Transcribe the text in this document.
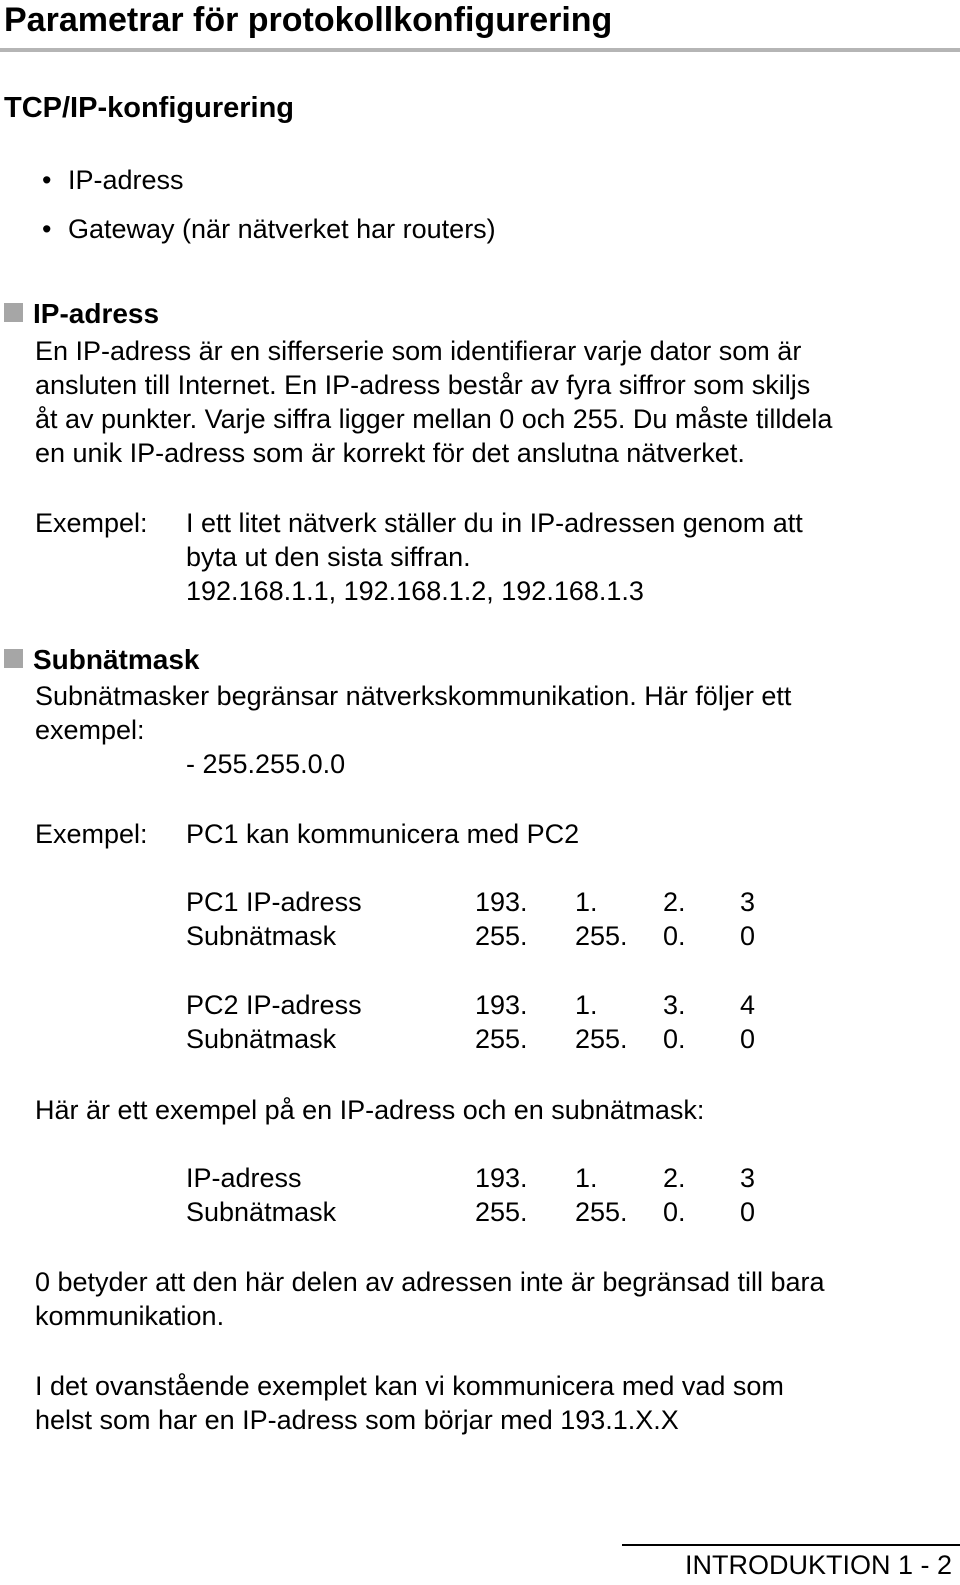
Parametrar för protokollkonfigurering
TCP/IP-konfigurering
• IP-adress
• Gateway (när nätverket har routers)
IP-adress
En IP-adress är en sifferserie som identifierar varje dator som är
ansluten till Internet. En IP-adress består av fyra siffror som skiljs
åt av punkter. Varje siffra ligger mellan 0 och 255. Du måste tilldela
en unik IP-adress som är korrekt för det anslutna nätverket.
Exempel: I ett litet nätverk ställer du in IP-adressen genom att
byta ut den sista siffran.
192.168.1.1, 192.168.1.2, 192.168.1.3
Subnätmask
Subnätmasker begränsar nätverkskommunikation. Här följer ett
exempel:
- 255.255.0.0
Exempel: PC1 kan kommunicera med PC2
PC1 IP-adress	193. 1. 2. 3
Subnätmask	255. 255. 0. 0
PC2 IP-adress	193. 1. 3. 4
Subnätmask	255. 255. 0. 0
Här är ett exempel på en IP-adress och en subnätmask:
IP-adress	193. 1. 2. 3
Subnätmask	255. 255. 0. 0
0 betyder att den här delen av adressen inte är begränsad till bara
kommunikation.
I det ovanstående exemplet kan vi kommunicera med vad som
helst som har en IP-adress som börjar med 193.1.X.X
INTRODUKTION 1 - 2
